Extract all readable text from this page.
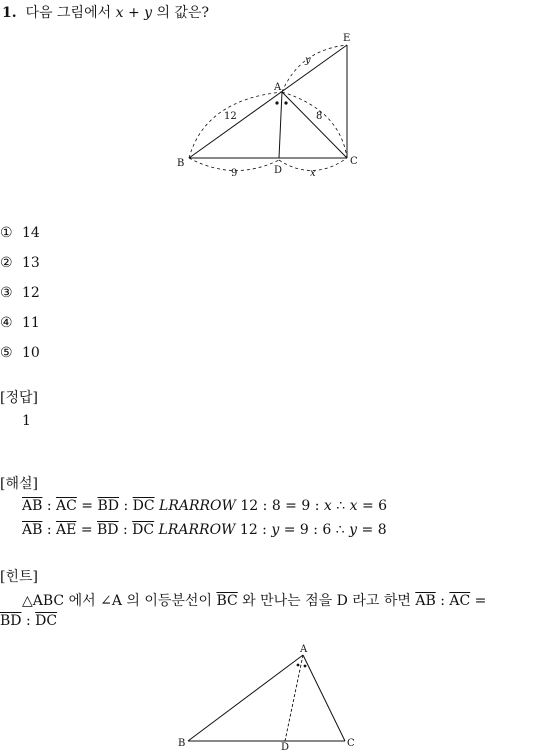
1. 다음 그림에서 x + y 의 값은?
E
A
B	C
D
12	8
9	x
y
① 14
② 13
③ 12
④ 11
⑤ 10
[정답]
1
[해설]
$\overline{AB}$ : $\overline{AC} = \overline{BD}$ : $\overline{DC}$ LRARROW 12 : 8 = 9 : x ∴ x = 6
$\overline{AB}$ : $\overline{AE} = \overline{BD}$ : $\overline{DC}$ LRARROW 12 : y = 9 : 6 ∴ y = 8
[힌트]
△ABC 에서 ∠A 의 이등분선이 $\overline{BC}$ 와 만나는 점을 D 라고 하면 $\overline{AB}$ : $\overline{AC}$ =
$\overline{BD}$ : $\overline{DC}$
A
B	C
D
